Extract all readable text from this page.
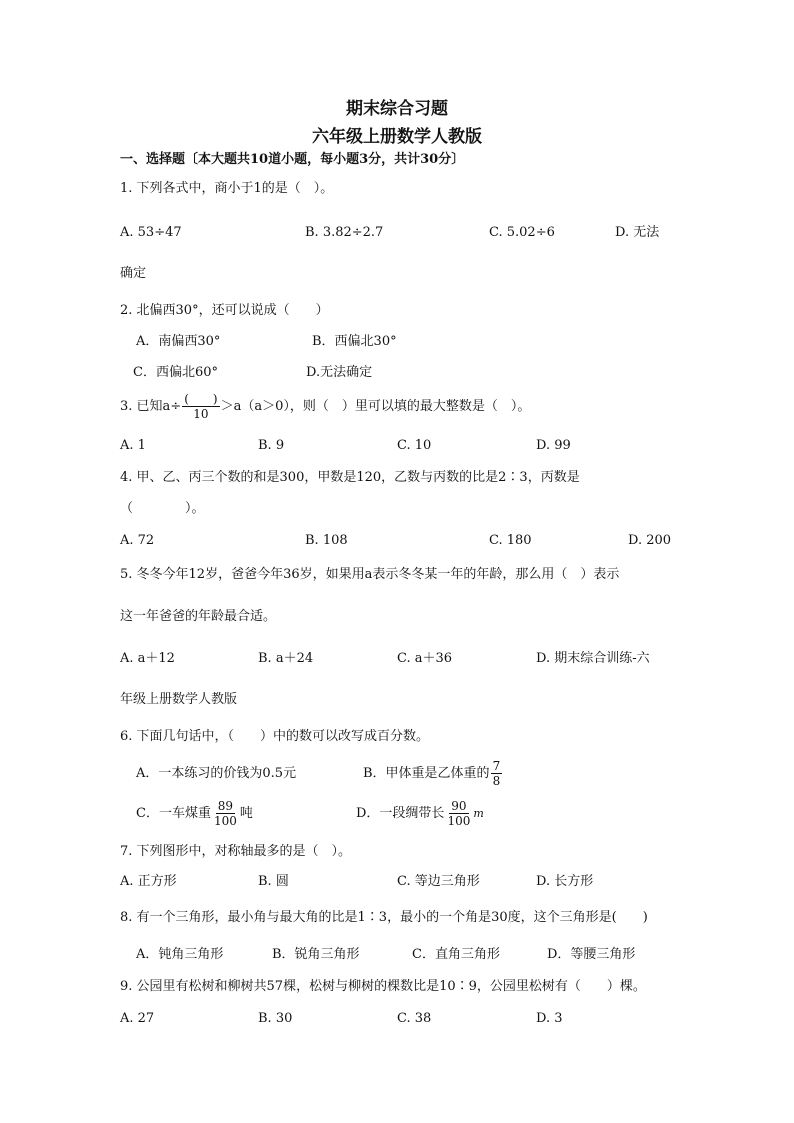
期末综合习题
六年级上册数学人教版
一、选择题〔本大题共10道小题，每小题3分，共计30分〕
1. 下列各式中，商小于1的是（　）。
A. 53÷47	B. 3.82÷2.7	C. 5.02÷6	D. 无法
确定
2. 北偏西30°，还可以说成（　　）
A．南偏西30°	B．西偏北30°
C．西偏北60°	D.无法确定
3. 已知$a\div \frac{( )}{10} >a(a>0)$，则（　）里可以填的最大整数是（　）。
A. 1	B. 9	C. 10	D. 99
4. 甲、乙、丙三个数的和是300，甲数是120，乙数与丙数的比是2∶3，丙数是
（　　　　）。
A. 72	B. 108	C. 180	D. 200
5. 冬冬今年12岁，爸爸今年36岁，如果用a表示冬冬某一年的年龄，那么用（　）表示
这一年爸爸的年龄最合适。
A. a＋12	B. a＋24	C. a＋36	D. 期末综合训练-六
年级上册数学人教版
6. 下面几句话中，（　　）中的数可以改写成百分数。
A．一本练习的价钱为0.5元	B．甲体重是乙体重的 $\frac{7}{8}$
C．一车煤重 $\frac{89}{100}$ 吨	D．一段绸带长 $\frac{90}{100}$ m
7. 下列图形中，对称轴最多的是（　）。
A. 正方形	B. 圆	C. 等边三角形	D. 长方形
8. 有一个三角形，最小角与最大角的比是1∶3，最小的一个角是30度，这个三角形是(　　)
A．钝角三角形	B．锐角三角形	C．直角三角形	D．等腰三角形
9. 公园里有松树和柳树共57棵，松树与柳树的棵数比是10∶9，公园里松树有（　　）棵。
A. 27	B. 30	C. 38	D. 3
